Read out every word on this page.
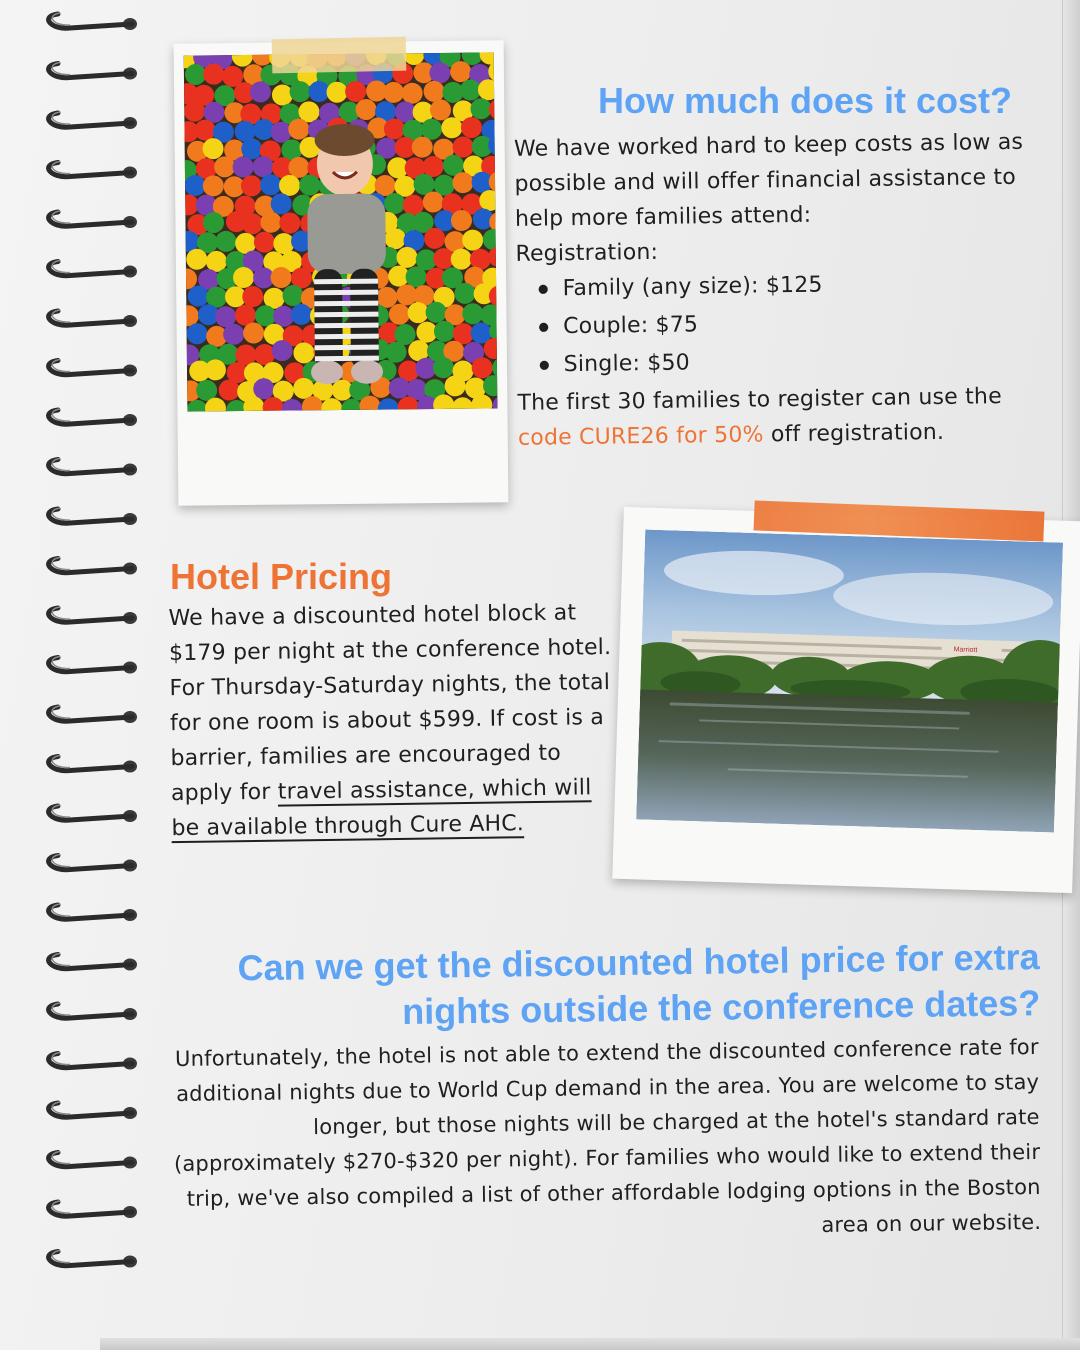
Marriott
How much does it cost?

We have worked hard to keep costs as low as possible and will offer financial assistance to help more families attend:

Registration:

● Family (any size): $125
● Couple: $75
● Single: $50

The first 30 families to register can use the
code CURE26 for 50% off registration.

Hotel Pricing
We have a discounted hotel block at $179 per night at the conference hotel. For Thursday-Saturday nights, the total for one room is about $599. If cost is a barrier, families are encouraged to apply for travel assistance, which will be available through Cure AHC.
Can we get the discounted hotel price for extra nights outside the conference dates?

Unfortunately, the hotel is not able to extend the discounted conference rate for additional nights due to World Cup demand in the area. You are welcome to stay longer, but those nights will be charged at the hotel's standard rate (approximately $270-$320 per night). For families who would like to extend their trip, we've also compiled a list of other affordable lodging options in the Boston area on our website.
